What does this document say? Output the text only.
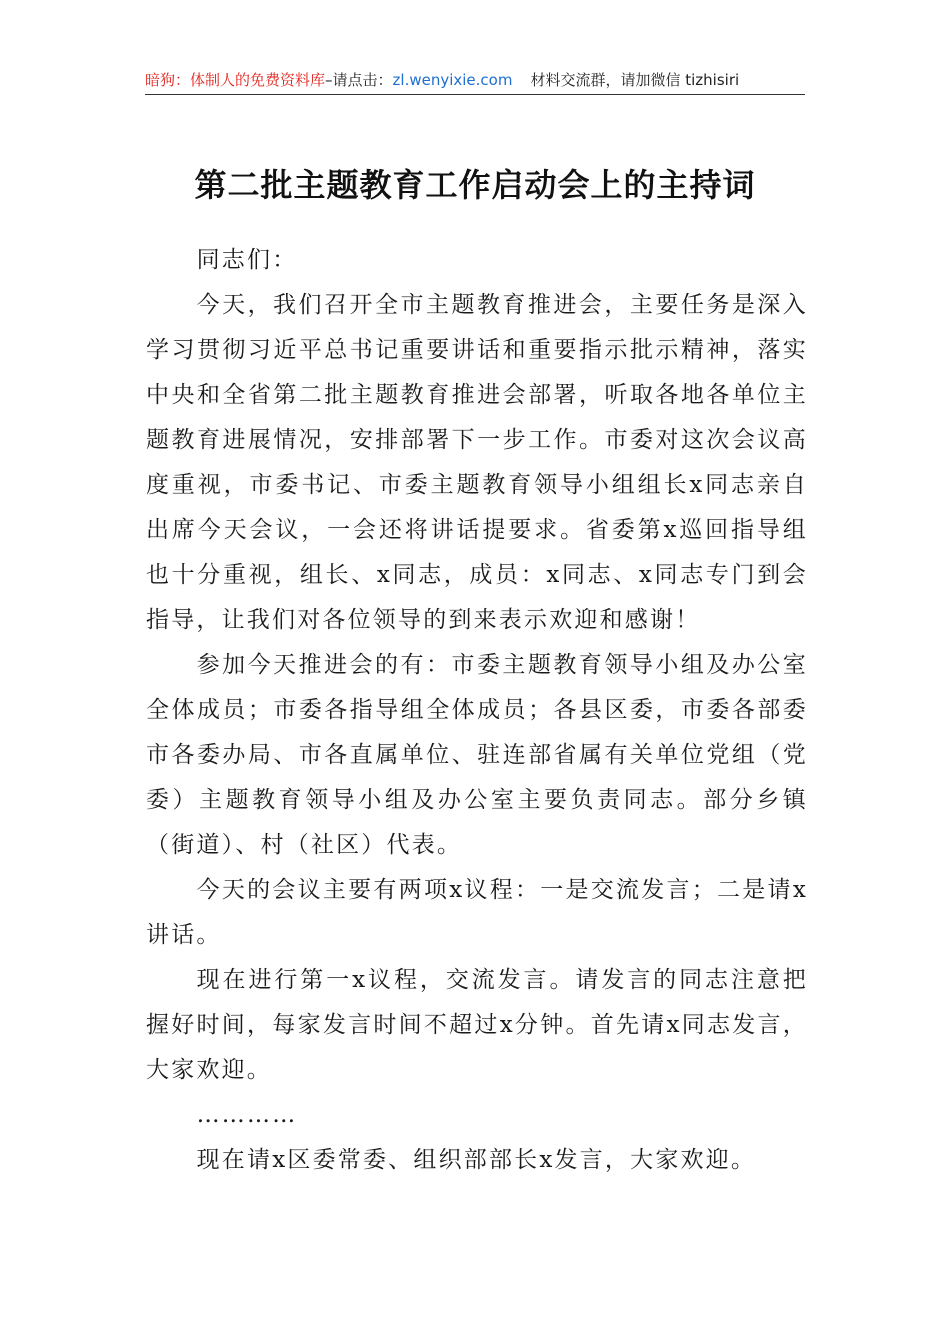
暗狗：体制人的免费资料库–请点击：zl.wenyixie.com 材料交流群，请加微信 tizhisiri
第二批主题教育工作启动会上的主持词

同志们：

今天，我们召开全市主题教育推进会，主要任务是深入学习贯彻习近平总书记重要讲话和重要指示批示精神，落实中央和全省第二批主题教育推进会部署，听取各地各单位主题教育进展情况，安排部署下一步工作。市委对这次会议高度重视，市委书记、市委主题教育领导小组组长x同志亲自出席今天会议，一会还将讲话提要求。省委第x巡回指导组也十分重视，组长、x同志，成员：x同志、x同志专门到会指导，让我们对各位领导的到来表示欢迎和感谢！

参加今天推进会的有：市委主题教育领导小组及办公室全体成员；市委各指导组全体成员；各县区委，市委各部委市各委办局、市各直属单位、驻连部省属有关单位党组（党委）主题教育领导小组及办公室主要负责同志。部分乡镇（街道）、村（社区）代表。

今天的会议主要有两项x议程：一是交流发言；二是请x讲话。

现在进行第一x议程，交流发言。请发言的同志注意把握好时间，每家发言时间不超过x分钟。首先请x同志发言，大家欢迎。

…………

现在请x区委常委、组织部部长x发言，大家欢迎。
